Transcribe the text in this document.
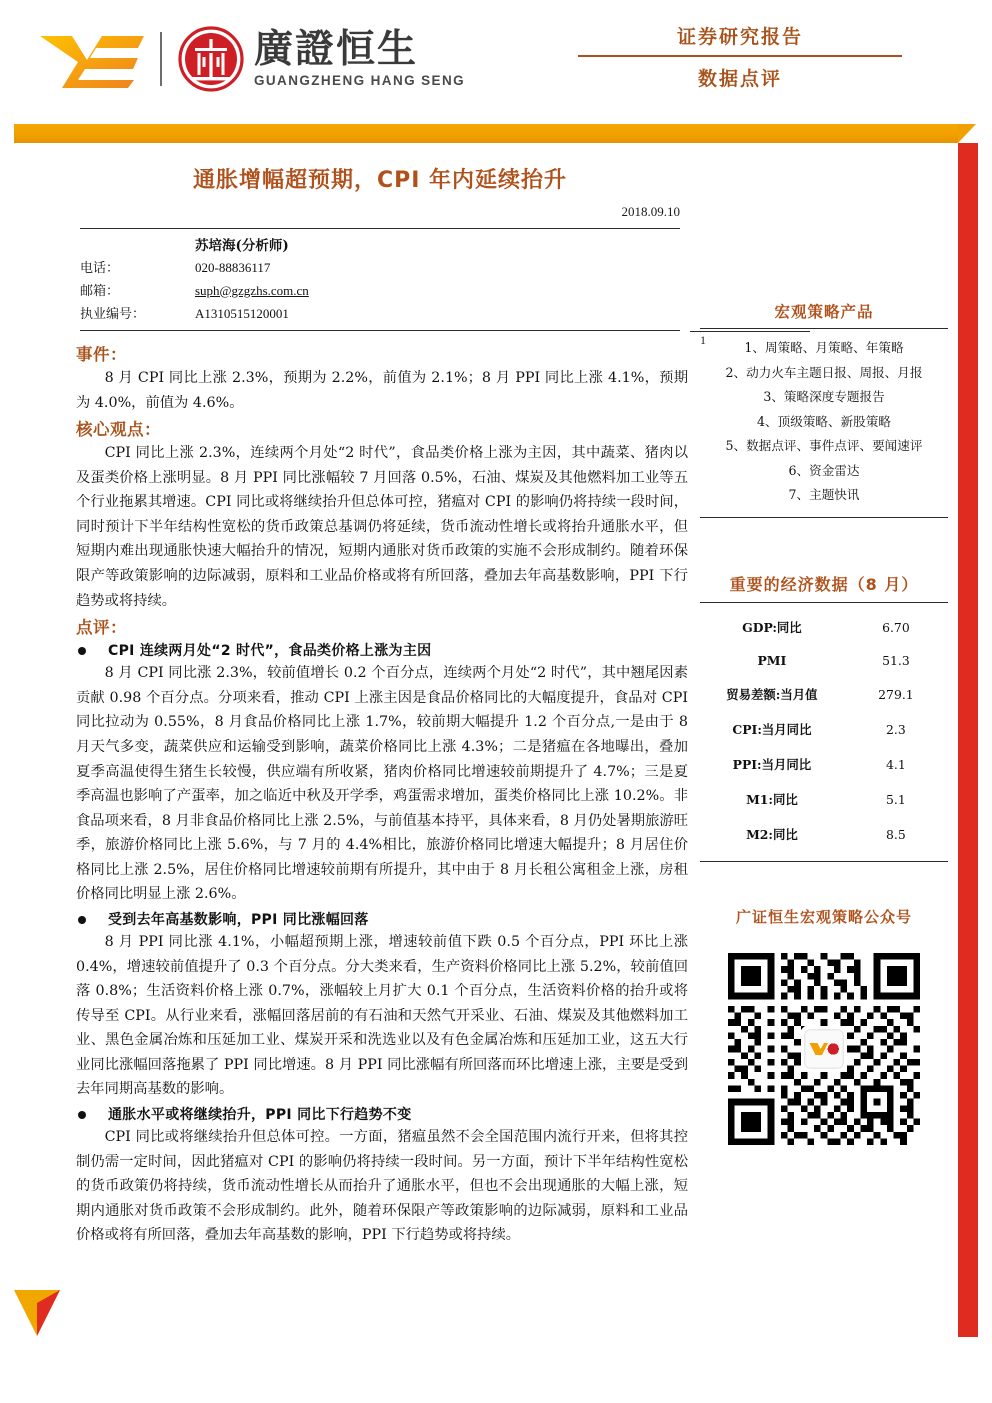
廣證恒生
GUANGZHENG HANG SENG
证券研究报告
数据点评
通胀增幅超预期，CPI 年内延续抬升
2018.09.10
苏培海(分析师)
电话：	020-88836117
邮箱：	suph@gzgzhs.com.cn
执业编号：	A1310515120001
1
事件：

8 月 CPI 同比上涨 2.3%，预期为 2.2%，前值为 2.1%；8 月 PPI 同比上涨 4.1%，预期为 4.0%，前值为 4.6%。

核心观点：

CPI 同比上涨 2.3%，连续两个月处“2 时代”，食品类价格上涨为主因，其中蔬菜、猪肉以及蛋类价格上涨明显。8 月 PPI 同比涨幅较 7 月回落 0.5%，石油、煤炭及其他燃料加工业等五个行业拖累其增速。CPI 同比或将继续抬升但总体可控，猪瘟对 CPI 的影响仍将持续一段时间，同时预计下半年结构性宽松的货币政策总基调仍将延续，货币流动性增长或将抬升通胀水平，但短期内难出现通胀快速大幅抬升的情况，短期内通胀对货币政策的实施不会形成制约。随着环保限产等政策影响的边际减弱，原料和工业品价格或将有所回落，叠加去年高基数影响，PPI 下行趋势或将持续。

点评：
CPI 连续两月处“2 时代”，食品类价格上涨为主因

8 月 CPI 同比涨 2.3%，较前值增长 0.2 个百分点，连续两个月处“2 时代”，其中翘尾因素贡献 0.98 个百分点。分项来看，推动 CPI 上涨主因是食品价格同比的大幅度提升，食品对 CPI 同比拉动为 0.55%，8 月食品价格同比上涨 1.7%，较前期大幅提升 1.2 个百分点,一是由于 8 月天气多变，蔬菜供应和运输受到影响，蔬菜价格同比上涨 4.3%；二是猪瘟在各地曝出，叠加夏季高温使得生猪生长较慢，供应端有所收紧，猪肉价格同比增速较前期提升了 4.7%；三是夏季高温也影响了产蛋率，加之临近中秋及开学季，鸡蛋需求增加，蛋类价格同比上涨 10.2%。非食品项来看，8 月非食品价格同比上涨 2.5%，与前值基本持平，具体来看，8 月仍处暑期旅游旺季，旅游价格同比上涨 5.6%，与 7 月的 4.4%相比，旅游价格同比增速大幅提升；8 月居住价格同比上涨 2.5%，居住价格同比增速较前期有所提升，其中由于 8 月长租公寓租金上涨，房租价格同比明显上涨 2.6%。

受到去年高基数影响，PPI 同比涨幅回落

8 月 PPI 同比涨 4.1%，小幅超预期上涨，增速较前值下跌 0.5 个百分点，PPI 环比上涨 0.4%，增速较前值提升了 0.3 个百分点。分大类来看，生产资料价格同比上涨 5.2%，较前值回落 0.8%；生活资料价格上涨 0.7%，涨幅较上月扩大 0.1 个百分点，生活资料价格的抬升或将传导至 CPI。从行业来看，涨幅回落居前的有石油和天然气开采业、石油、煤炭及其他燃料加工业、黑色金属冶炼和压延加工业、煤炭开采和洗选业以及有色金属冶炼和压延加工业，这五大行业同比涨幅回落拖累了 PPI 同比增速。8 月 PPI 同比涨幅有所回落而环比增速上涨，主要是受到去年同期高基数的影响。

通胀水平或将继续抬升，PPI 同比下行趋势不变

CPI 同比或将继续抬升但总体可控。一方面，猪瘟虽然不会全国范围内流行开来，但将其控制仍需一定时间，因此猪瘟对 CPI 的影响仍将持续一段时间。另一方面，预计下半年结构性宽松的货币政策仍将持续，货币流动性增长从而抬升了通胀水平，但也不会出现通胀的大幅上涨，短期内通胀对货币政策不会形成制约。此外，随着环保限产等政策影响的边际减弱，原料和工业品价格或将有所回落，叠加去年高基数的影响，PPI 下行趋势或将持续。

宏观策略产品
1、周策略、月策略、年策略
2、动力火车主题日报、周报、月报
3、策略深度专题报告
4、顶级策略、新股策略
5、数据点评、事件点评、要闻速评
6、资金雷达
7、主题快讯
重要的经济数据（8 月）
GDP:同比	6.70
PMI	51.3
贸易差额:当月值	279.1
CPI:当月同比	2.3
PPI:当月同比	4.1
M1:同比	5.1
M2:同比	8.5
广证恒生宏观策略公众号
